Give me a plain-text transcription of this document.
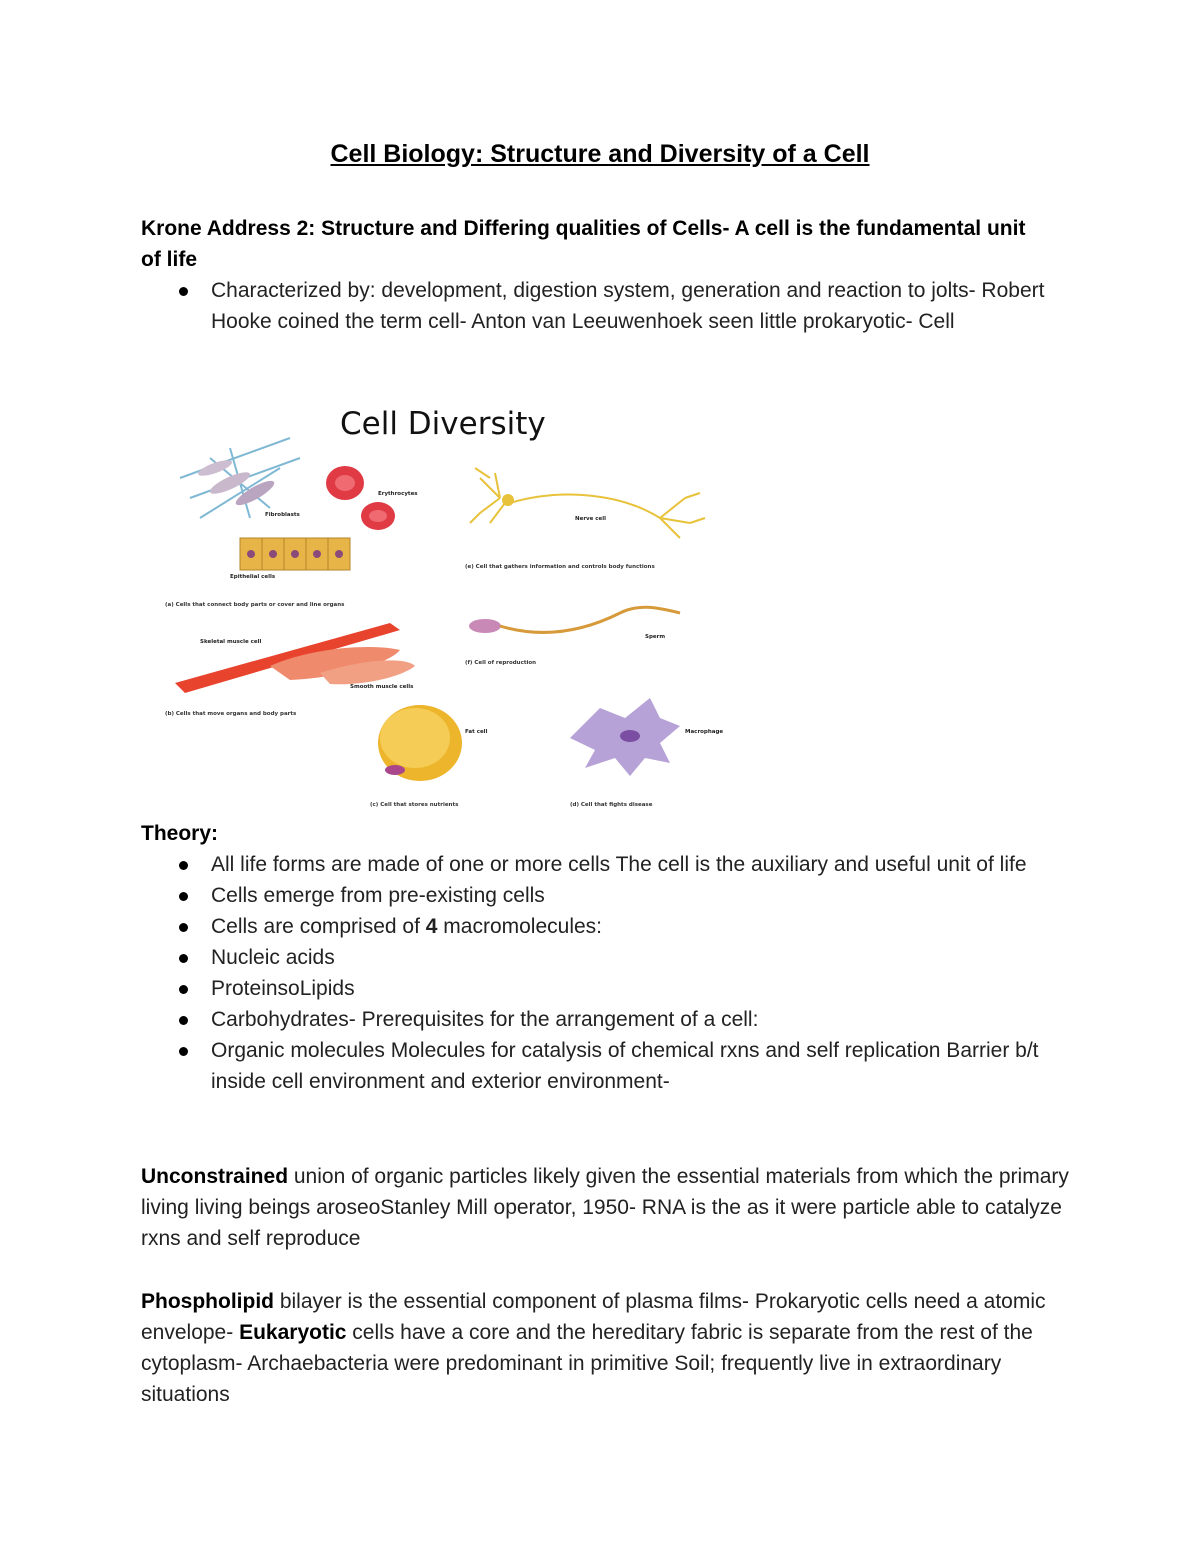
Cell Biology: Structure and Diversity of a Cell
Krone Address 2: Structure and Differing qualities of Cells- A cell is the fundamental unit of life
Characterized by: development, digestion system, generation and reaction to jolts- Robert Hooke coined the term cell- Anton van Leeuwenhoek seen little prokaryotic- Cell
Erythrocytes
Fibroblasts
Epithelial cells
(a) Cells that connect body parts or cover and line organs
Nerve cell
(e) Cell that gathers information and controls body functions
Sperm
(f) Cell of reproduction
Skeletal muscle cell
Smooth muscle cells
(b) Cells that move organs and body parts
Fat cell
(c) Cell that stores nutrients
Macrophage
(d) Cell that fights disease
Cell Diversity
Theory:
All life forms are made of one or more cells The cell is the auxiliary and useful unit of life
Cells emerge from pre-existing cells
Cells are comprised of 4 macromolecules:
Nucleic acids
ProteinsoLipids
Carbohydrates- Prerequisites for the arrangement of a cell:
Organic molecules Molecules for catalysis of chemical rxns and self replication Barrier b/t inside cell environment and exterior environment-
Unconstrained union of organic particles likely given the essential materials from which the primary living living beings aroseoStanley Mill operator, 1950- RNA is the as it were particle able to catalyze rxns and self reproduce
Phospholipid bilayer is the essential component of plasma films- Prokaryotic cells need a atomic envelope- Eukaryotic cells have a core and the hereditary fabric is separate from the rest of the cytoplasm- Archaebacteria were predominant in primitive Soil; frequently live in extraordinary situations
